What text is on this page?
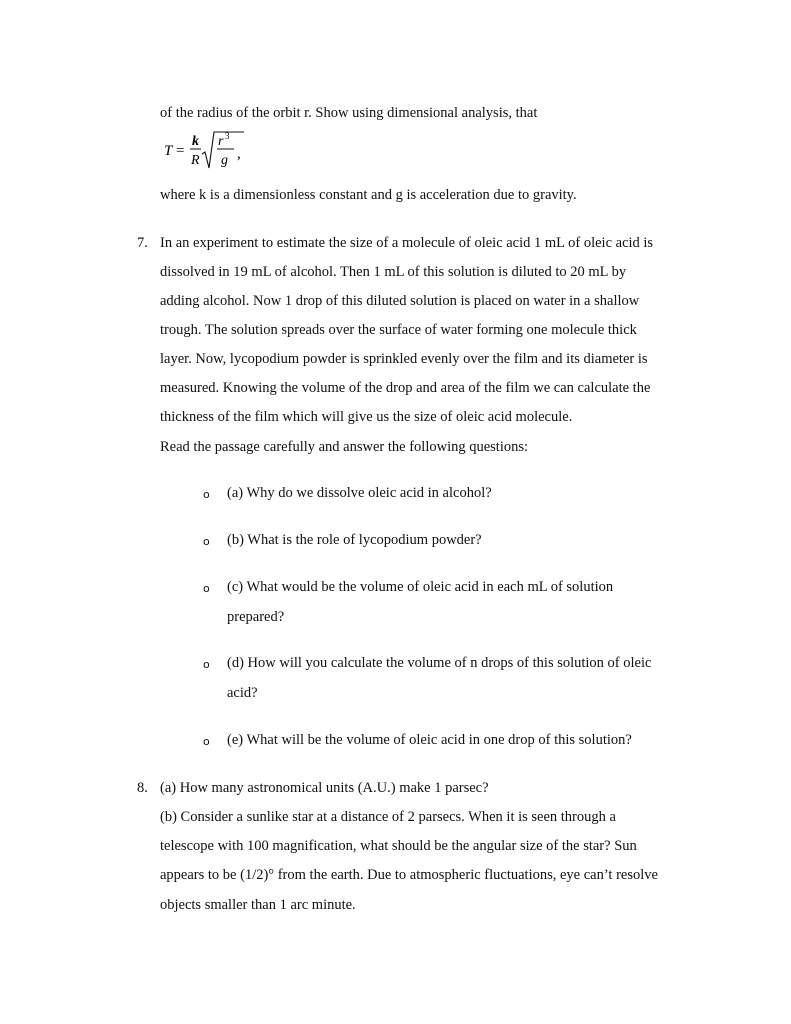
of the radius of the orbit r. Show using dimensional analysis, that
T =
k
R
r 3
g ,
where k is a dimensionless constant and g is acceleration due to gravity.
7. In an experiment to estimate the size of a molecule of oleic acid 1 mL of oleic acid is
dissolved in 19 mL of alcohol. Then 1 mL of this solution is diluted to 20 mL by
adding alcohol. Now 1 drop of this diluted solution is placed on water in a shallow
trough. The solution spreads over the surface of water forming one molecule thick
layer. Now, lycopodium powder is sprinkled evenly over the film and its diameter is
measured. Knowing the volume of the drop and area of the film we can calculate the
thickness of the film which will give us the size of oleic acid molecule.
Read the passage carefully and answer the following questions:
o (a) Why do we dissolve oleic acid in alcohol?
o (b) What is the role of lycopodium powder?
o (c) What would be the volume of oleic acid in each mL of solution
prepared?
o (d) How will you calculate the volume of n drops of this solution of oleic
acid?
o (e) What will be the volume of oleic acid in one drop of this solution?
8. (a) How many astronomical units (A.U.) make 1 parsec?
(b) Consider a sunlike star at a distance of 2 parsecs. When it is seen through a
telescope with 100 magnification, what should be the angular size of the star? Sun
appears to be (1/2)° from the earth. Due to atmospheric fluctuations, eye can’t resolve
objects smaller than 1 arc minute.
